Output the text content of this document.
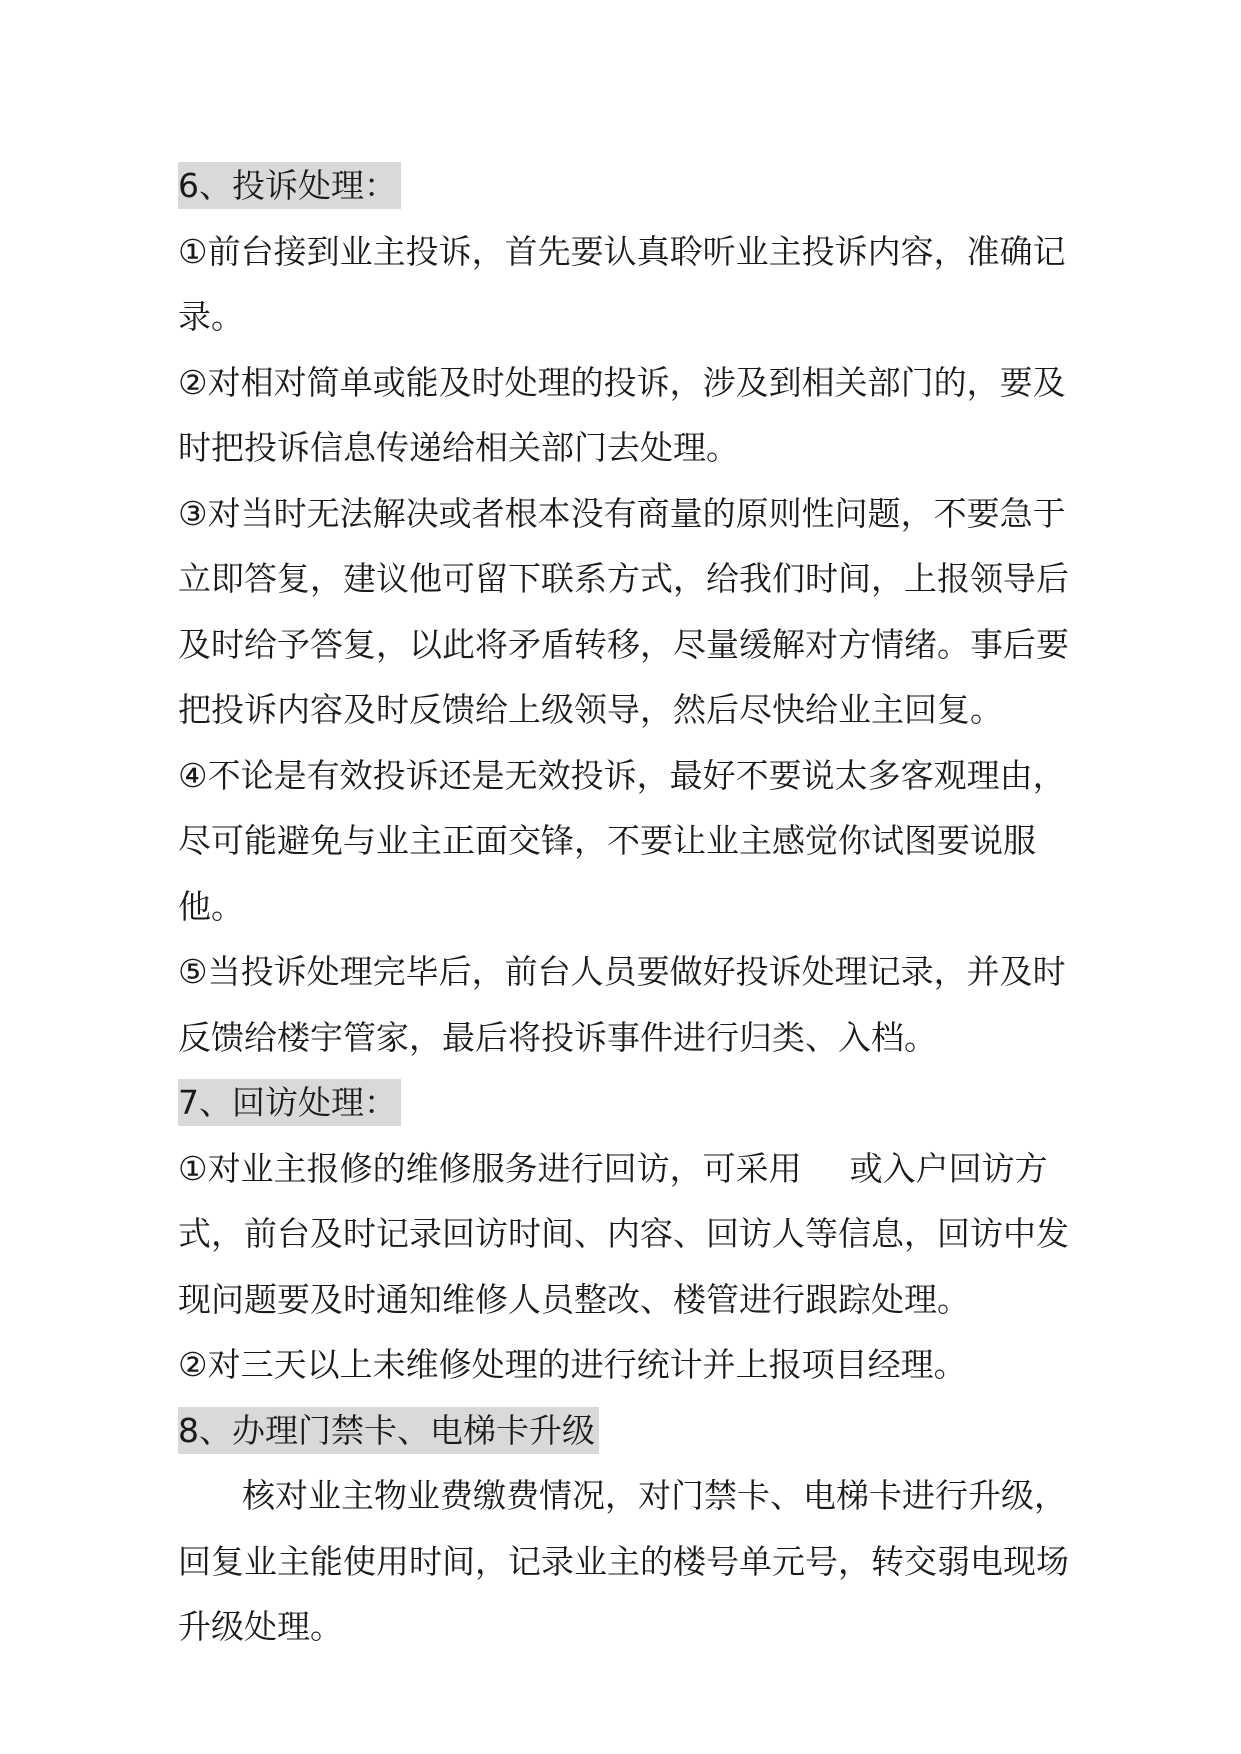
6、投诉处理：

①前台接到业主投诉，首先要认真聆听业主投诉内容，准确记录。

②对相对简单或能及时处理的投诉，涉及到相关部门的，要及时把投诉信息传递给相关部门去处理。

③对当时无法解决或者根本没有商量的原则性问题，不要急于立即答复，建议他可留下联系方式，给我们时间，上报领导后及时给予答复，以此将矛盾转移，尽量缓解对方情绪。事后要把投诉内容及时反馈给上级领导，然后尽快给业主回复。

④不论是有效投诉还是无效投诉，最好不要说太多客观理由，尽可能避免与业主正面交锋，不要让业主感觉你试图要说服他。

⑤当投诉处理完毕后，前台人员要做好投诉处理记录，并及时反馈给楼宇管家，最后将投诉事件进行归类、入档。

7、回访处理：

①对业主报修的维修服务进行回访，可采用 或入户回访方式，前台及时记录回访时间、内容、回访人等信息，回访中发现问题要及时通知维修人员整改、楼管进行跟踪处理。

②对三天以上未维修处理的进行统计并上报项目经理。

8、办理门禁卡、电梯卡升级

核对业主物业费缴费情况，对门禁卡、电梯卡进行升级，回复业主能使用时间，记录业主的楼号单元号，转交弱电现场升级处理。
